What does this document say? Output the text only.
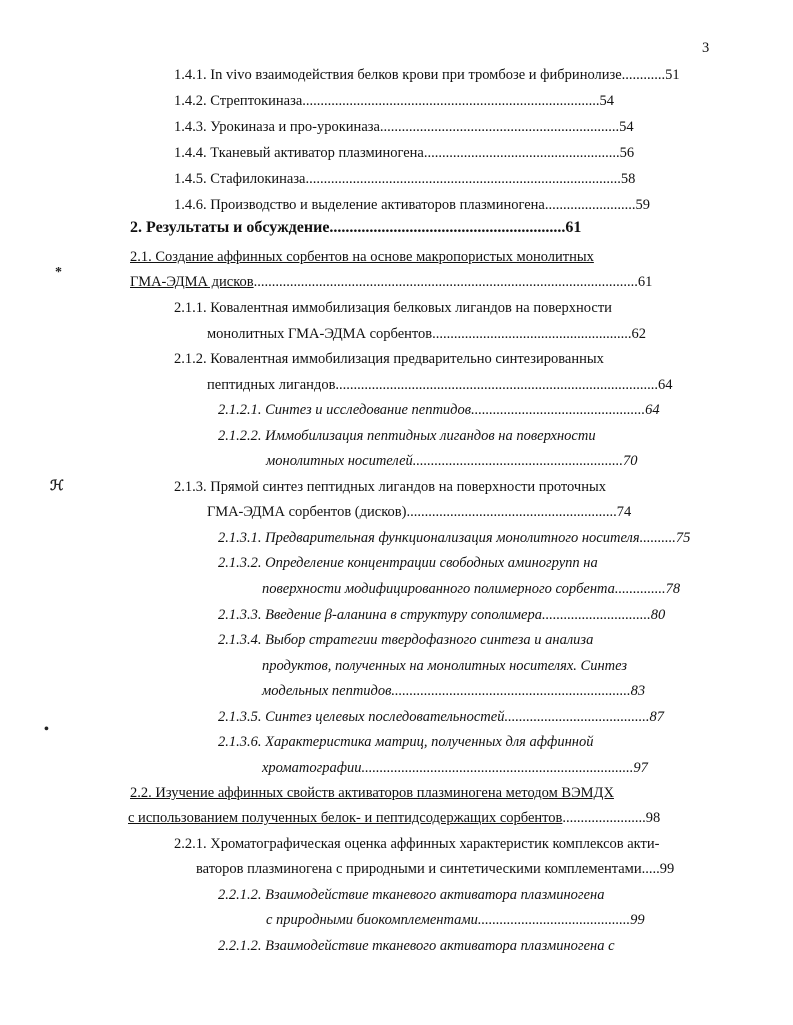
3
1.4.1. In vivo взаимодействия белков крови при тромбозе и фибринолизе............51
1.4.2. Стрептокиназа..................................................................................54
1.4.3. Урокиназа и про-урокиназа..................................................................54
1.4.4. Тканевый активатор плазминогена......................................................56
1.4.5. Стафилокиназа.......................................................................................58
1.4.6. Производство и выделение активаторов плазминогена.........................59
2. Результаты и обсуждение...........................................................61
2.1. Создание аффинных сорбентов на основе макропористых монолитных
ГМА-ЭДМА дисков..........................................................................................................61
2.1.1. Ковалентная иммобилизация белковых лигандов на поверхности
монолитных ГМА-ЭДМА сорбентов.......................................................62
2.1.2. Ковалентная иммобилизация предварительно синтезированных
пептидных лигандов.........................................................................................64
2.1.2.1. Синтез и исследование пептидов................................................64
2.1.2.2. Иммобилизация пептидных лигандов на поверхности
монолитных носителей..........................................................70
2.1.3. Прямой синтез пептидных лигандов на поверхности проточных
ГМА-ЭДМА сорбентов (дисков)..........................................................74
2.1.3.1. Предварительная функционализация монолитного носителя..........75
2.1.3.2. Определение концентрации свободных аминогрупп на
поверхности модифицированного полимерного сорбента..............78
2.1.3.3. Введение β-аланина в структуру сополимера..............................80
2.1.3.4. Выбор стратегии твердофазного синтеза и анализа
продуктов, полученных на монолитных носителях. Синтез
модельных пептидов..................................................................83
2.1.3.5. Синтез целевых последовательностей........................................87
2.1.3.6. Характеристика матриц, полученных для аффинной
хроматографии...........................................................................97
2.2. Изучение аффинных свойств активаторов плазминогена методом ВЭМДХ
с использованием полученных белок- и пептидсодержащих сорбентов.......................98
2.2.1. Хроматографическая оценка аффинных характеристик комплексов акти-
ваторов плазминогена с природными и синтетическими комплементами.....99
2.2.1.2. Взаимодействие тканевого активатора плазминогена
с природными биокомплементами..........................................99
2.2.1.2. Взаимодействие тканевого активатора плазминогена с
*
ℋ
•
